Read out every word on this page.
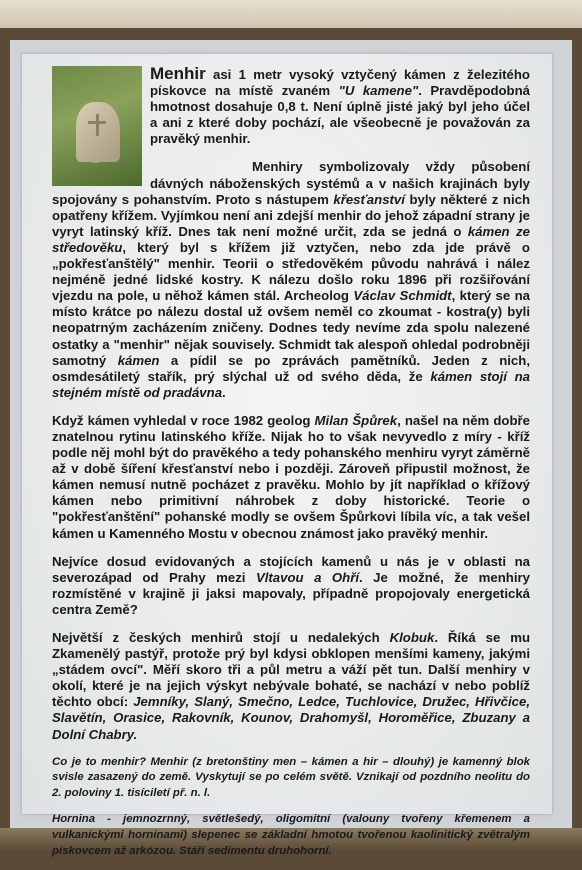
Menhir asi 1 metr vysoký vztyčený kámen z železitého pískovce na místě zvaném "U kamene". Pravděpodobná hmotnost dosahuje 0,8 t. Není úplně jisté jaký byl jeho účel a ani z které doby pochází, ale všeobecně je považován za pravěký menhir.

Menhiry symbolizovaly vždy působení dávných náboženských systémů a v našich krajinách byly spojovány s pohanstvím. Proto s nástupem křesťanství byly některé z nich opatřeny křížem. Vyjímkou není ani zdejší menhir do jehož západní strany je vyryt latinský kříž. Dnes tak není možné určit, zda se jedná o kámen ze středověku, který byl s křížem již vztyčen, nebo zda jde právě o „pokřesťanštělý" menhir. Teorii o středověkém původu nahrává i nález nejméně jedné lidské kostry. K nálezu došlo roku 1896 při rozšiřování vjezdu na pole, u něhož kámen stál. Archeolog Václav Schmidt, který se na místo krátce po nálezu dostal už ovšem neměl co zkoumat - kostra(y) byli neopatrným zacházením zničeny. Dodnes tedy nevíme zda spolu nalezené ostatky a "menhir" nějak souvisely. Schmidt tak alespoň ohledal podrobněji samotný kámen a pídil se po zprávách pamětníků. Jeden z nich, osmdesátiletý stařík, prý slýchal už od svého děda, že kámen stojí na stejném místě od pradávna.

Když kámen vyhledal v roce 1982 geolog Milan Špůrek, našel na něm dobře znatelnou rytinu latinského kříže. Nijak ho to však nevyvedlo z míry - kříž podle něj mohl být do pravěkého a tedy pohanského menhiru vyryt záměrně až v době šíření křesťanství nebo i později. Zároveň připustil možnost, že kámen nemusí nutně pocházet z pravěku. Mohlo by jít například o křížový kámen nebo primitivní náhrobek z doby historické. Teorie o "pokřesťanštění" pohanské modly se ovšem Špůrkovi líbila víc, a tak vešel kámen u Kamenného Mostu v obecnou známost jako pravěký menhir.

Nejvíce dosud evidovaných a stojících kamenů u nás je v oblasti na severozápad od Prahy mezi Vltavou a Ohří. Je možné, že menhiry rozmístěné v krajině ji jaksi mapovaly, případně propojovaly energetická centra Země?

Největší z českých menhirů stojí u nedalekých Klobuk. Říká se mu Zkamenělý pastýř, protože prý byl kdysi obklopen menšími kameny, jakými „stádem ovcí". Měří skoro tři a půl metru a váží pět tun. Další menhiry v okolí, které je na jejich výskyt nebývale bohaté, se nachází v nebo poblíž těchto obcí: Jemníky, Slaný, Smečno, Ledce, Tuchlovice, Družec, Hřivčice, Slavětín, Orasice, Rakovník, Kounov, Drahomyšl, Horoměřice, Zbuzany a Dolní Chabry.

Co je to menhir? Menhir (z bretonštiny men – kámen a hir – dlouhý) je kamenný blok svisle zasazený do země. Vyskytují se po celém světě. Vznikají od pozdního neolitu do 2. poloviny 1. tisíciletí př. n. l.

Hornina - jemnozrnný, světlešedý, oligomitní (valouny tvořeny křemenem a vulkanickými horninami) slepenec se základní hmotou tvořenou kaolinitický zvětralým pískovcem až arkózou. Stáří sedimentu druhohorní.
